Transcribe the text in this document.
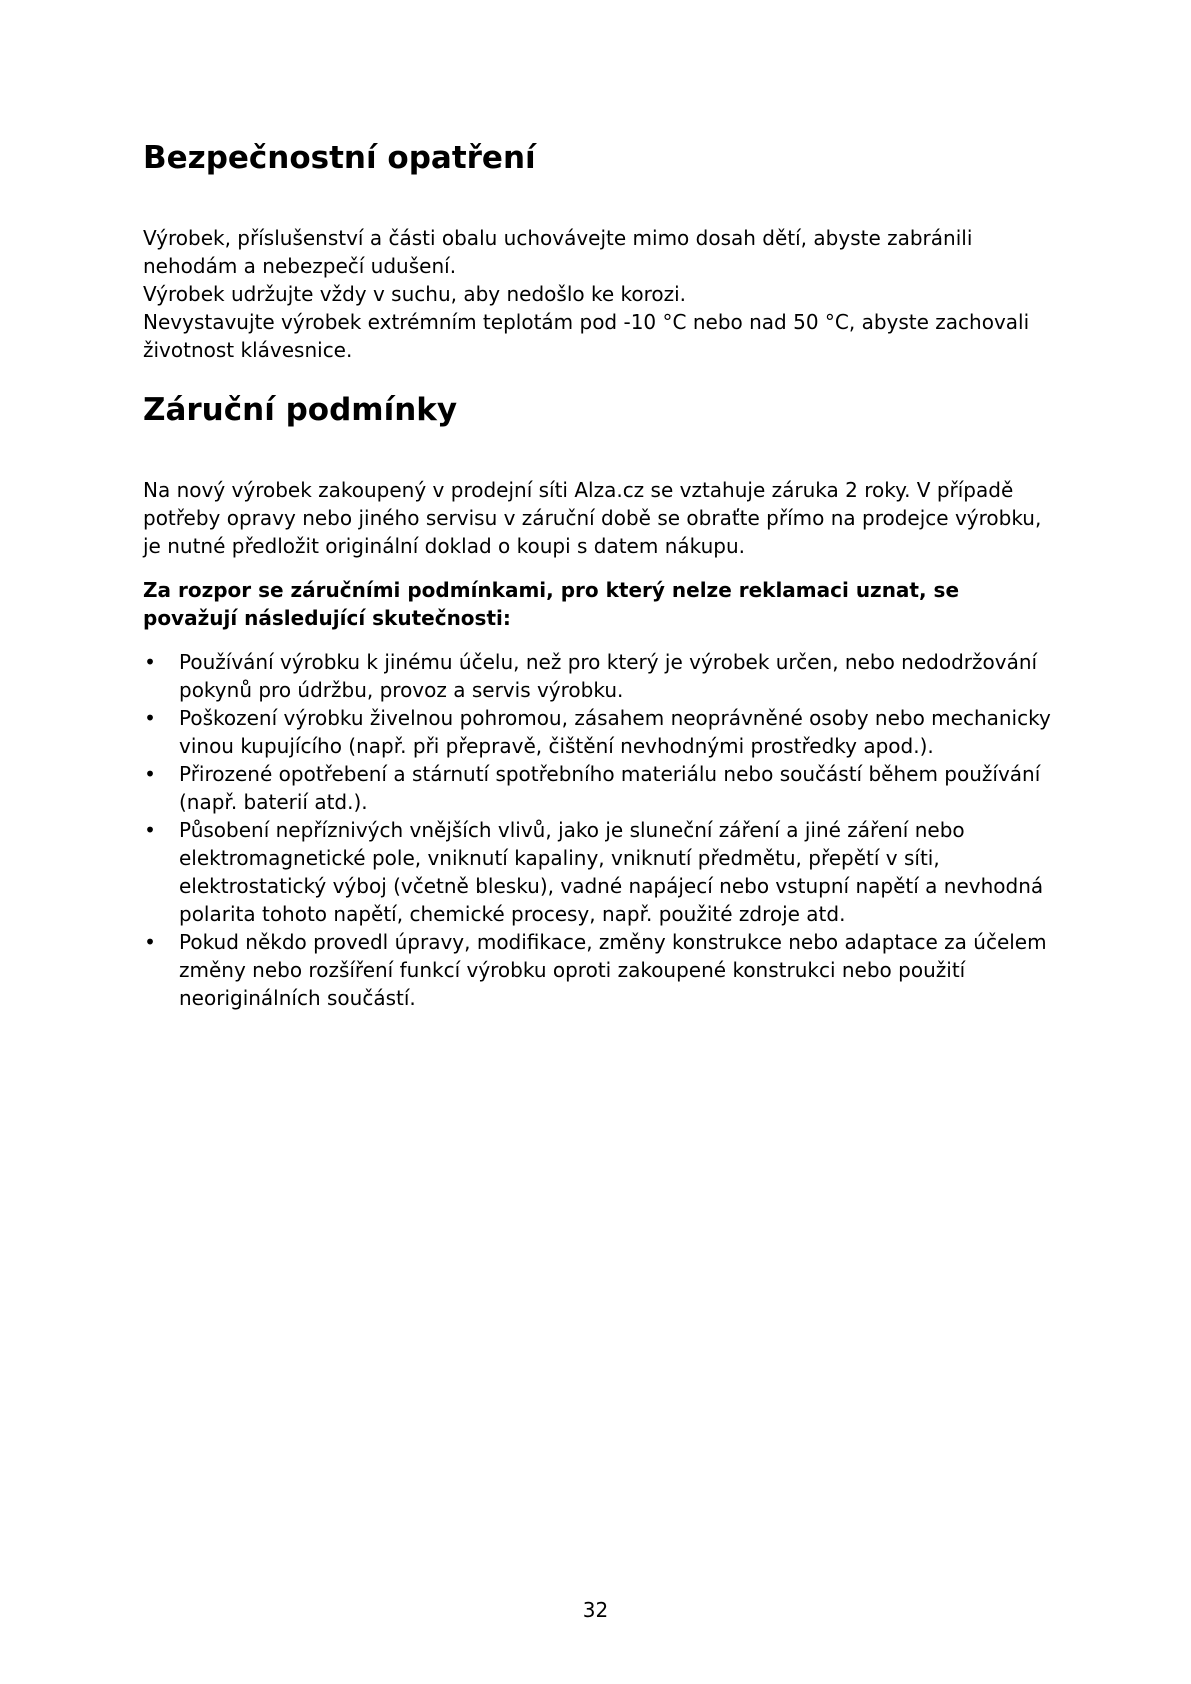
Bezpečnostní opatření

Výrobek, příslušenství a části obalu uchovávejte mimo dosah dětí, abyste zabránili
nehodám a nebezpečí udušení.
Výrobek udržujte vždy v suchu, aby nedošlo ke korozi.
Nevystavujte výrobek extrémním teplotám pod -10 °C nebo nad 50 °C, abyste zachovali
životnost klávesnice.

Záruční podmínky

Na nový výrobek zakoupený v prodejní síti Alza.cz se vztahuje záruka 2 roky. V případě
potřeby opravy nebo jiného servisu v záruční době se obraťte přímo na prodejce výrobku,
je nutné předložit originální doklad o koupi s datem nákupu.

Za rozpor se záručními podmínkami, pro který nelze reklamaci uznat, se
považují následující skutečnosti:

• Používání výrobku k jinému účelu, než pro který je výrobek určen, nebo nedodržování
pokynů pro údržbu, provoz a servis výrobku.
• Poškození výrobku živelnou pohromou, zásahem neoprávněné osoby nebo mechanicky
vinou kupujícího (např. při přepravě, čištění nevhodnými prostředky apod.).
• Přirozené opotřebení a stárnutí spotřebního materiálu nebo součástí během používání
(např. baterií atd.).
• Působení nepříznivých vnějších vlivů, jako je sluneční záření a jiné záření nebo
elektromagnetické pole, vniknutí kapaliny, vniknutí předmětu, přepětí v síti,
elektrostatický výboj (včetně blesku), vadné napájecí nebo vstupní napětí a nevhodná
polarita tohoto napětí, chemické procesy, např. použité zdroje atd.
• Pokud někdo provedl úpravy, modifikace, změny konstrukce nebo adaptace za účelem
změny nebo rozšíření funkcí výrobku oproti zakoupené konstrukci nebo použití
neoriginálních součástí.
32
